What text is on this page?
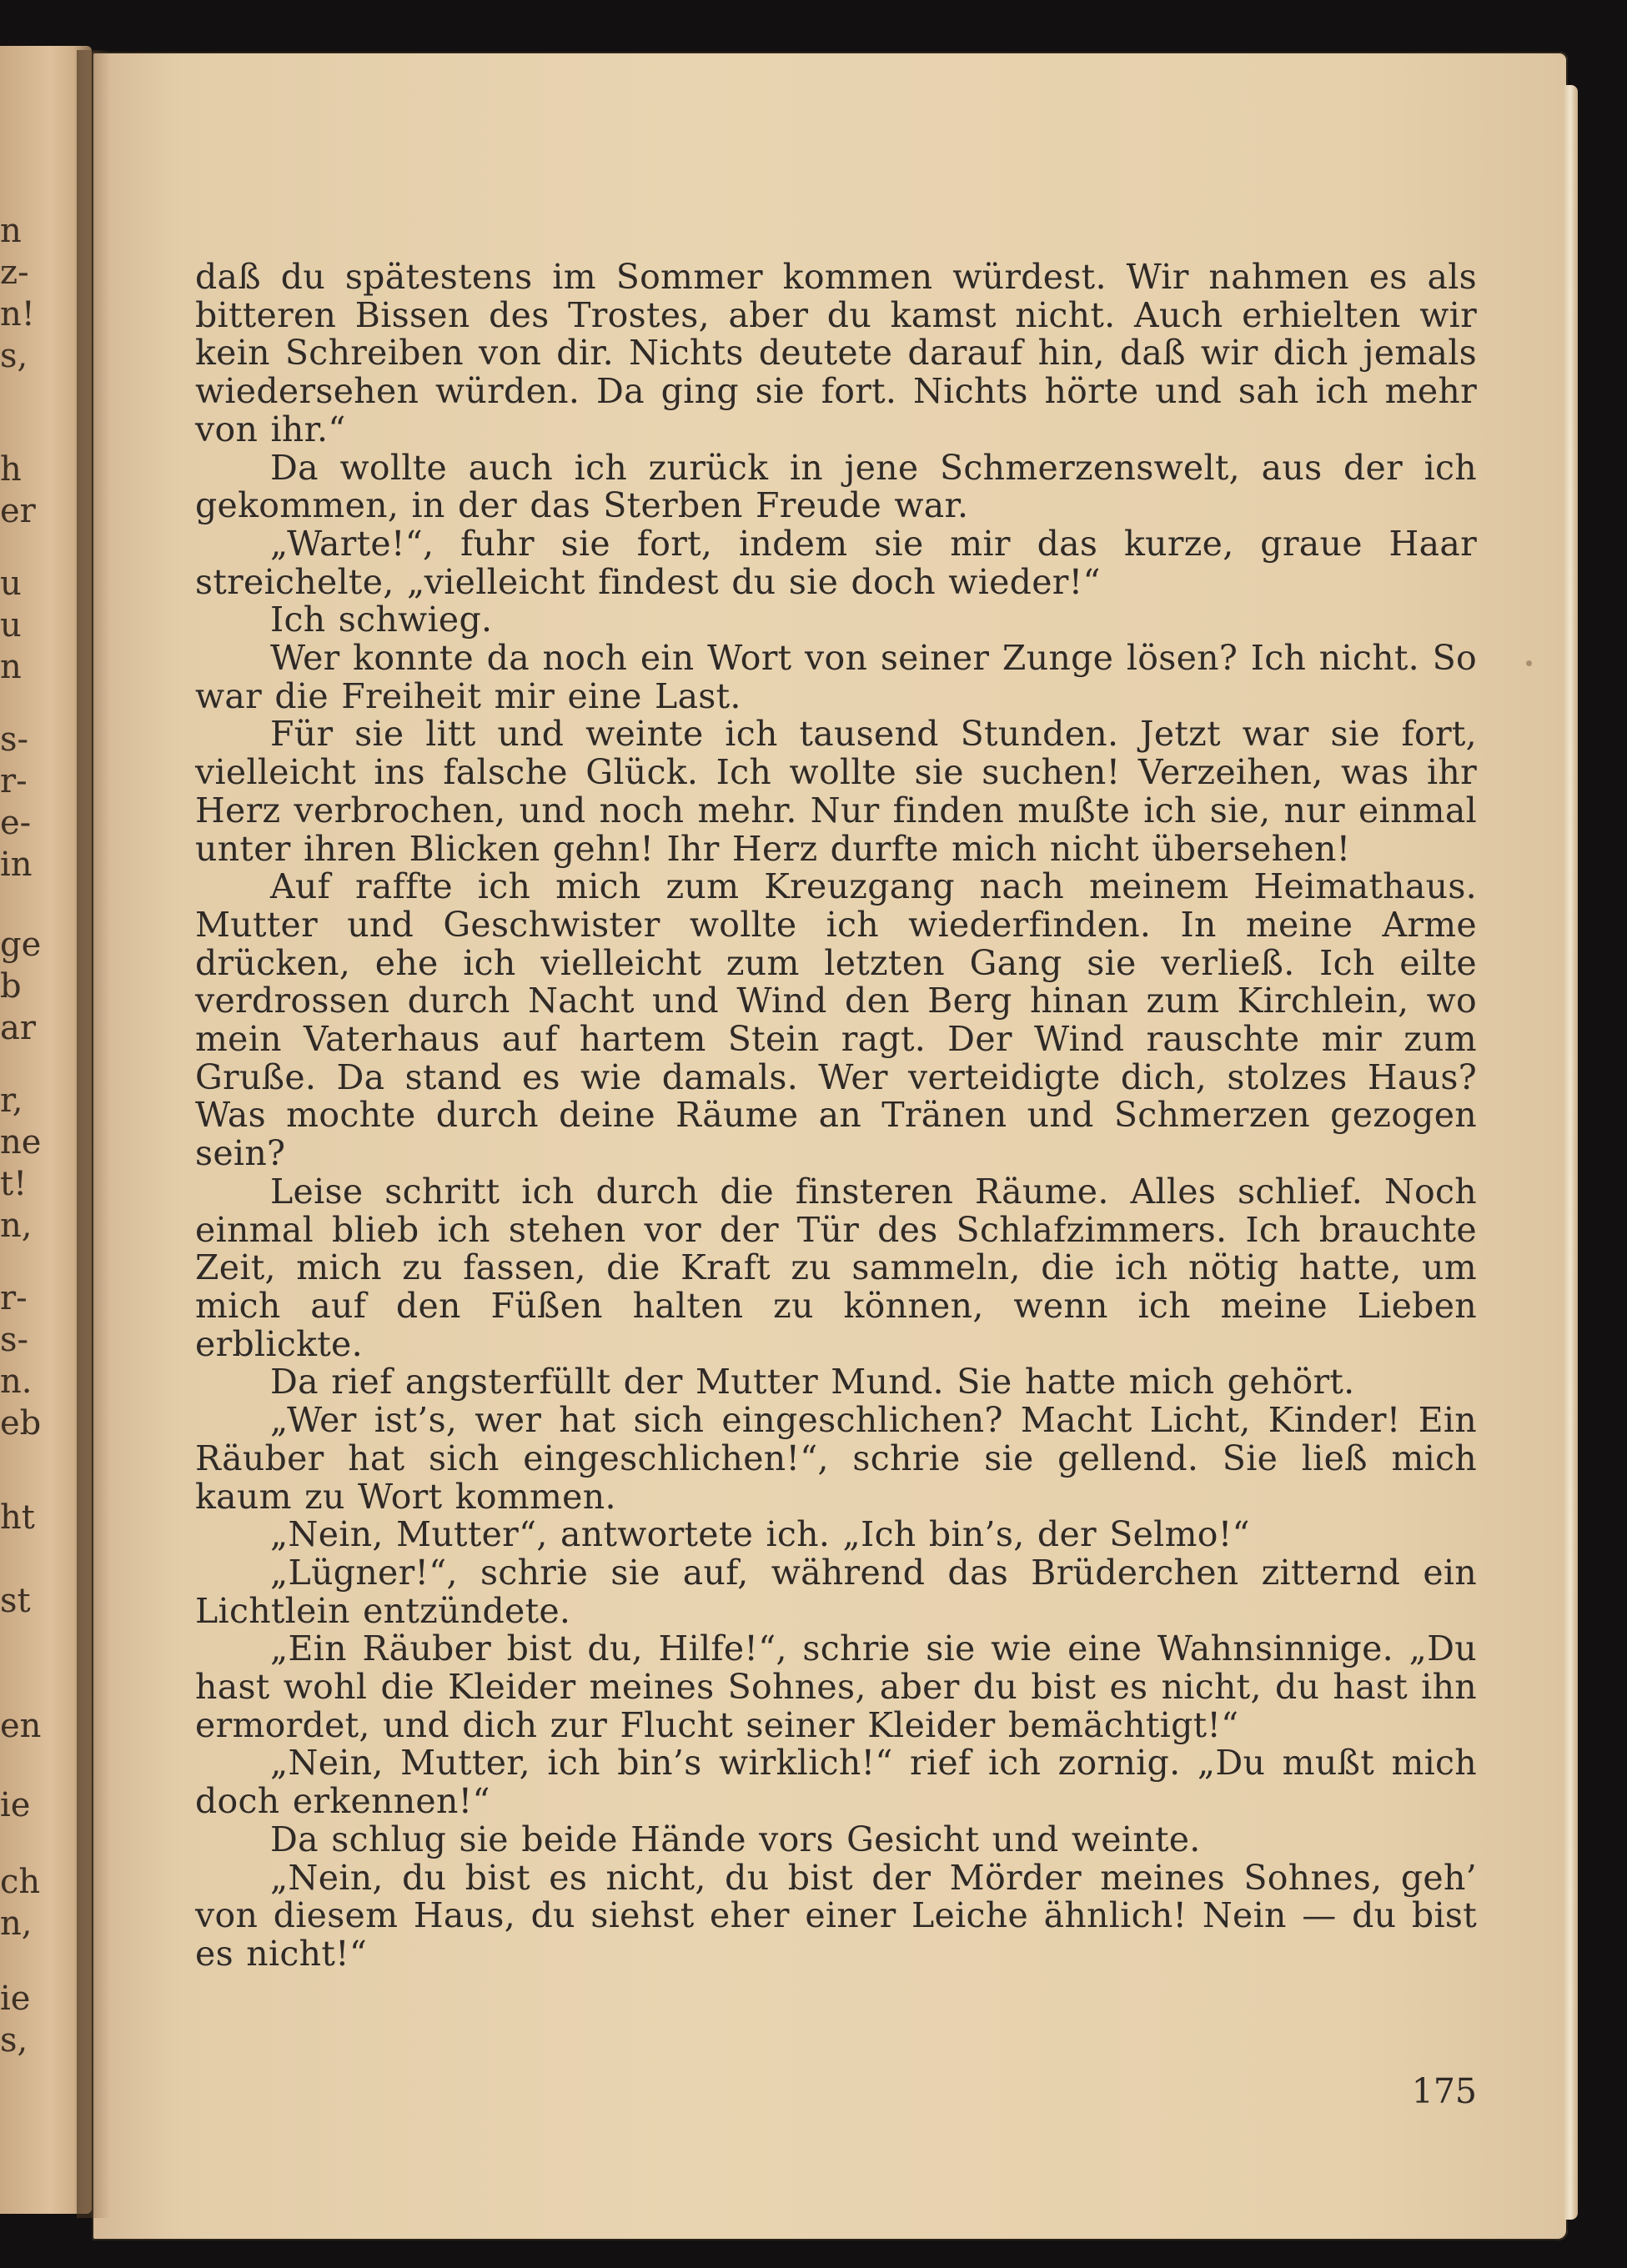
n
z-
n!
s,
h
er
u
u
n
s-
r-
e-
in
ge
b
ar
r,
ne
t!
n,
r-
s-
n.
eb
ht
st
en
ie
ch
n,
ie
s,

daß du spätestens im Sommer kommen würdest. Wir nahmen es als bitteren Bissen des Trostes, aber du kamst nicht. Auch erhielten wir kein Schreiben von dir. Nichts deutete darauf hin, daß wir dich jemals wiedersehen würden. Da ging sie fort. Nichts hörte und sah ich mehr von ihr.“

Da wollte auch ich zurück in jene Schmerzenswelt, aus der ich gekommen, in der das Sterben Freude war.

„Warte!“, fuhr sie fort, indem sie mir das kurze, graue Haar streichelte, „vielleicht findest du sie doch wieder!“

Ich schwieg.

Wer konnte da noch ein Wort von seiner Zunge lösen? Ich nicht. So war die Freiheit mir eine Last.

Für sie litt und weinte ich tausend Stunden. Jetzt war sie fort, vielleicht ins falsche Glück. Ich wollte sie suchen! Verzeihen, was ihr Herz verbrochen, und noch mehr. Nur finden mußte ich sie, nur einmal unter ihren Blicken gehn! Ihr Herz durfte mich nicht übersehen!

Auf raffte ich mich zum Kreuzgang nach meinem Heimathaus. Mutter und Geschwister wollte ich wiederfinden. In meine Arme drücken, ehe ich vielleicht zum letzten Gang sie verließ. Ich eilte verdrossen durch Nacht und Wind den Berg hinan zum Kirchlein, wo mein Vaterhaus auf hartem Stein ragt. Der Wind rauschte mir zum Gruße. Da stand es wie damals. Wer verteidigte dich, stolzes Haus? Was mochte durch deine Räume an Tränen und Schmerzen gezogen sein?

Leise schritt ich durch die finsteren Räume. Alles schlief. Noch einmal blieb ich stehen vor der Tür des Schlafzimmers. Ich brauchte Zeit, mich zu fassen, die Kraft zu sammeln, die ich nötig hatte, um mich auf den Füßen halten zu können, wenn ich meine Lieben erblickte.

Da rief angsterfüllt der Mutter Mund. Sie hatte mich gehört.

„Wer ist’s, wer hat sich eingeschlichen? Macht Licht, Kinder! Ein Räuber hat sich eingeschlichen!“, schrie sie gellend. Sie ließ mich kaum zu Wort kommen.

„Nein, Mutter“, antwortete ich. „Ich bin’s, der Selmo!“

„Lügner!“, schrie sie auf, während das Brüderchen zitternd ein Lichtlein entzündete.

„Ein Räuber bist du, Hilfe!“, schrie sie wie eine Wahnsinnige. „Du hast wohl die Kleider meines Sohnes, aber du bist es nicht, du hast ihn ermordet, und dich zur Flucht seiner Kleider bemächtigt!“

„Nein, Mutter, ich bin’s wirklich!“ rief ich zornig. „Du mußt mich doch erkennen!“

Da schlug sie beide Hände vors Gesicht und weinte.

„Nein, du bist es nicht, du bist der Mörder meines Sohnes, geh’ von diesem Haus, du siehst eher einer Leiche ähnlich! Nein — du bist es nicht!“

175
